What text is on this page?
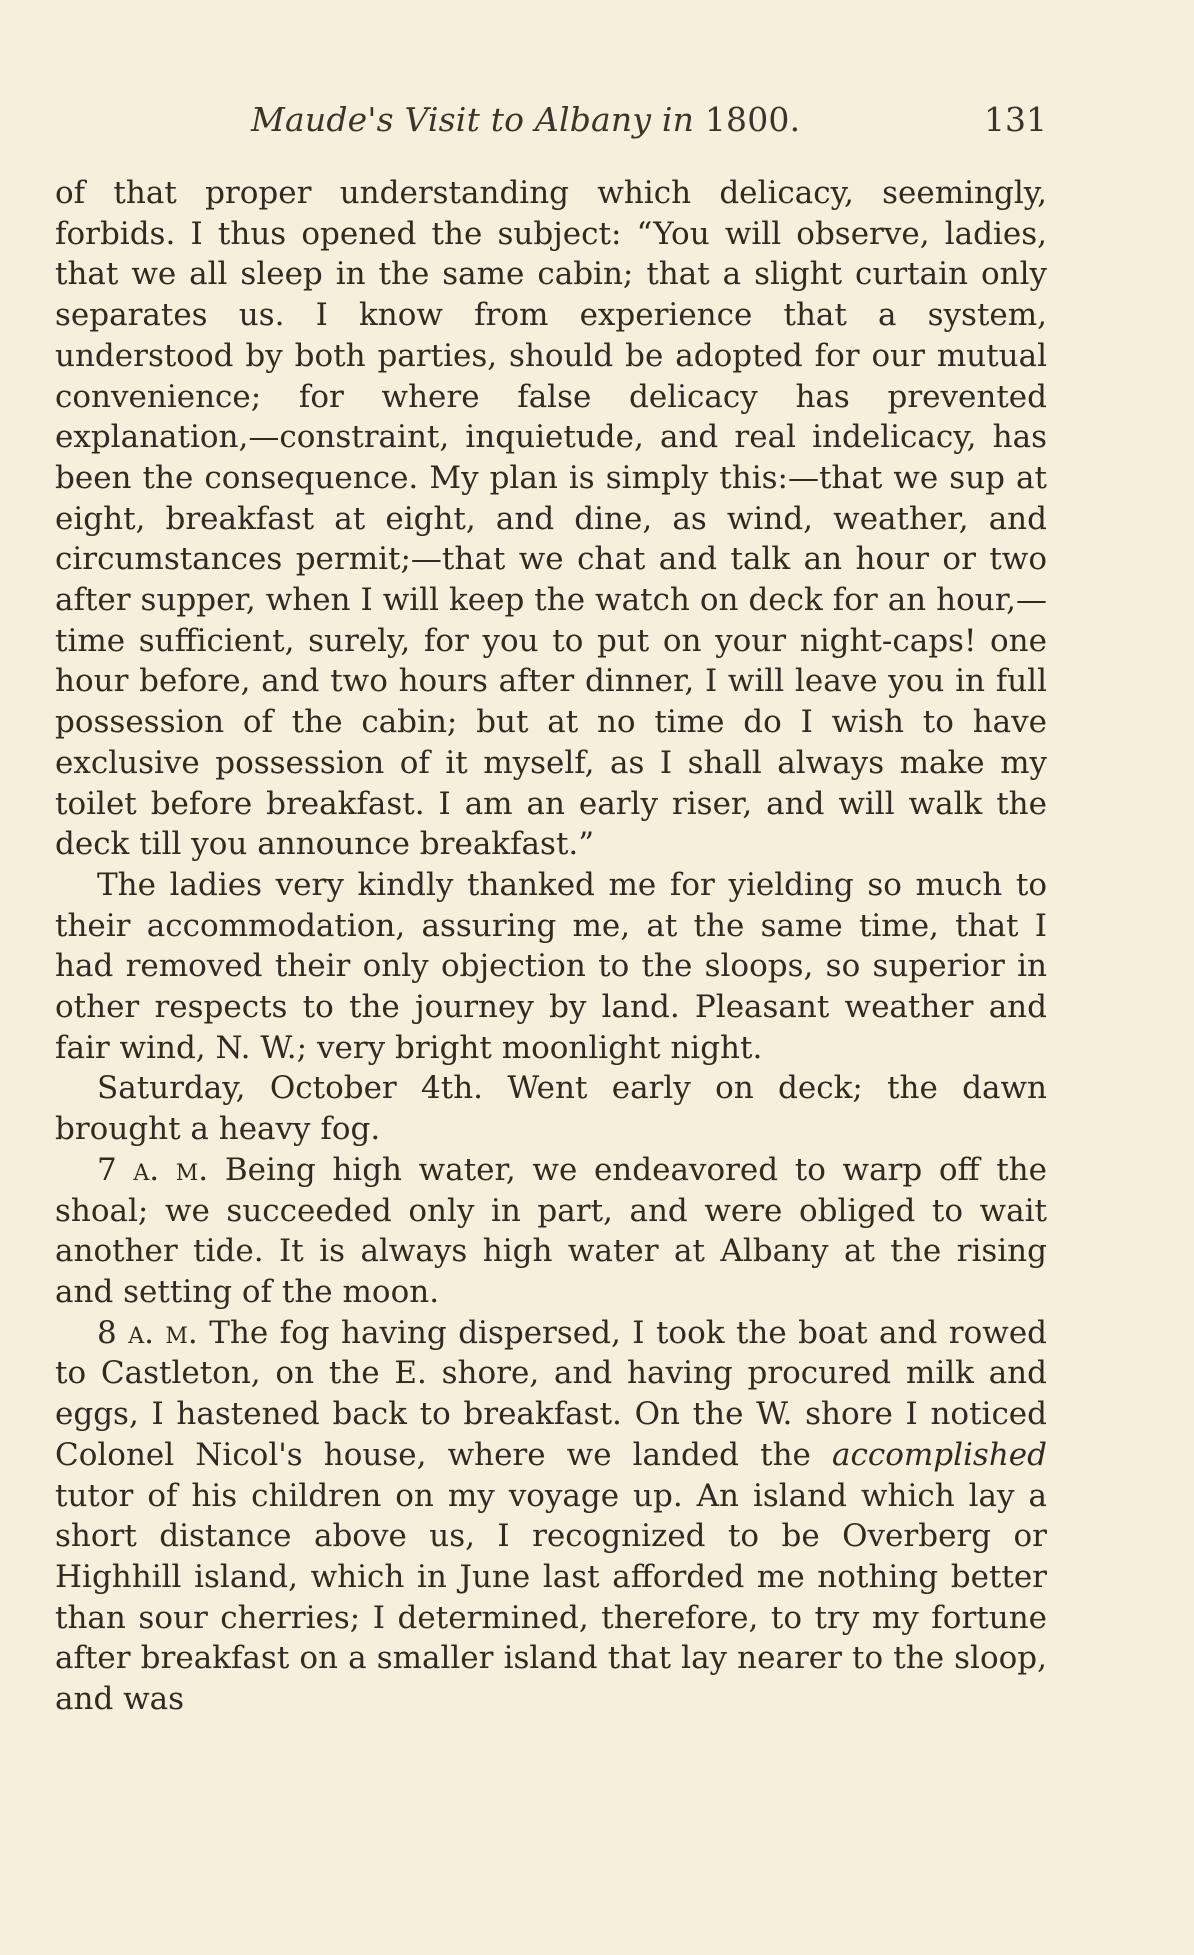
Maude's Visit to Albany in 1800.	131

of that proper understanding which delicacy, seemingly, forbids. I thus opened the subject: “You will observe, ladies, that we all sleep in the same cabin; that a slight curtain only separates us. I know from experience that a system, understood by both parties, should be adopted for our mutual convenience; for where false delicacy has prevented explanation,—constraint, inquietude, and real indelicacy, has been the consequence. My plan is simply this:—that we sup at eight, breakfast at eight, and dine, as wind, weather, and circumstances permit;—that we chat and talk an hour or two after supper, when I will keep the watch on deck for an hour,—time sufficient, surely, for you to put on your night-caps! one hour before, and two hours after dinner, I will leave you in full possession of the cabin; but at no time do I wish to have exclusive possession of it myself, as I shall always make my toilet before breakfast. I am an early riser, and will walk the deck till you announce breakfast.”

The ladies very kindly thanked me for yielding so much to their accommodation, assuring me, at the same time, that I had removed their only objection to the sloops, so superior in other respects to the journey by land. Pleasant weather and fair wind, N. W.; very bright moonlight night.

Saturday, October 4th. Went early on deck; the dawn brought a heavy fog.

7 a. m. Being high water, we endeavored to warp off the shoal; we succeeded only in part, and were obliged to wait another tide. It is always high water at Albany at the rising and setting of the moon.

8 a. m. The fog having dispersed, I took the boat and rowed to Castleton, on the E. shore, and having procured milk and eggs, I hastened back to breakfast. On the W. shore I noticed Colonel Nicol's house, where we landed the accomplished tutor of his children on my voyage up. An island which lay a short distance above us, I recognized to be Overberg or Highhill island, which in June last afforded me nothing better than sour cherries; I determined, therefore, to try my fortune after breakfast on a smaller island that lay nearer to the sloop, and was
